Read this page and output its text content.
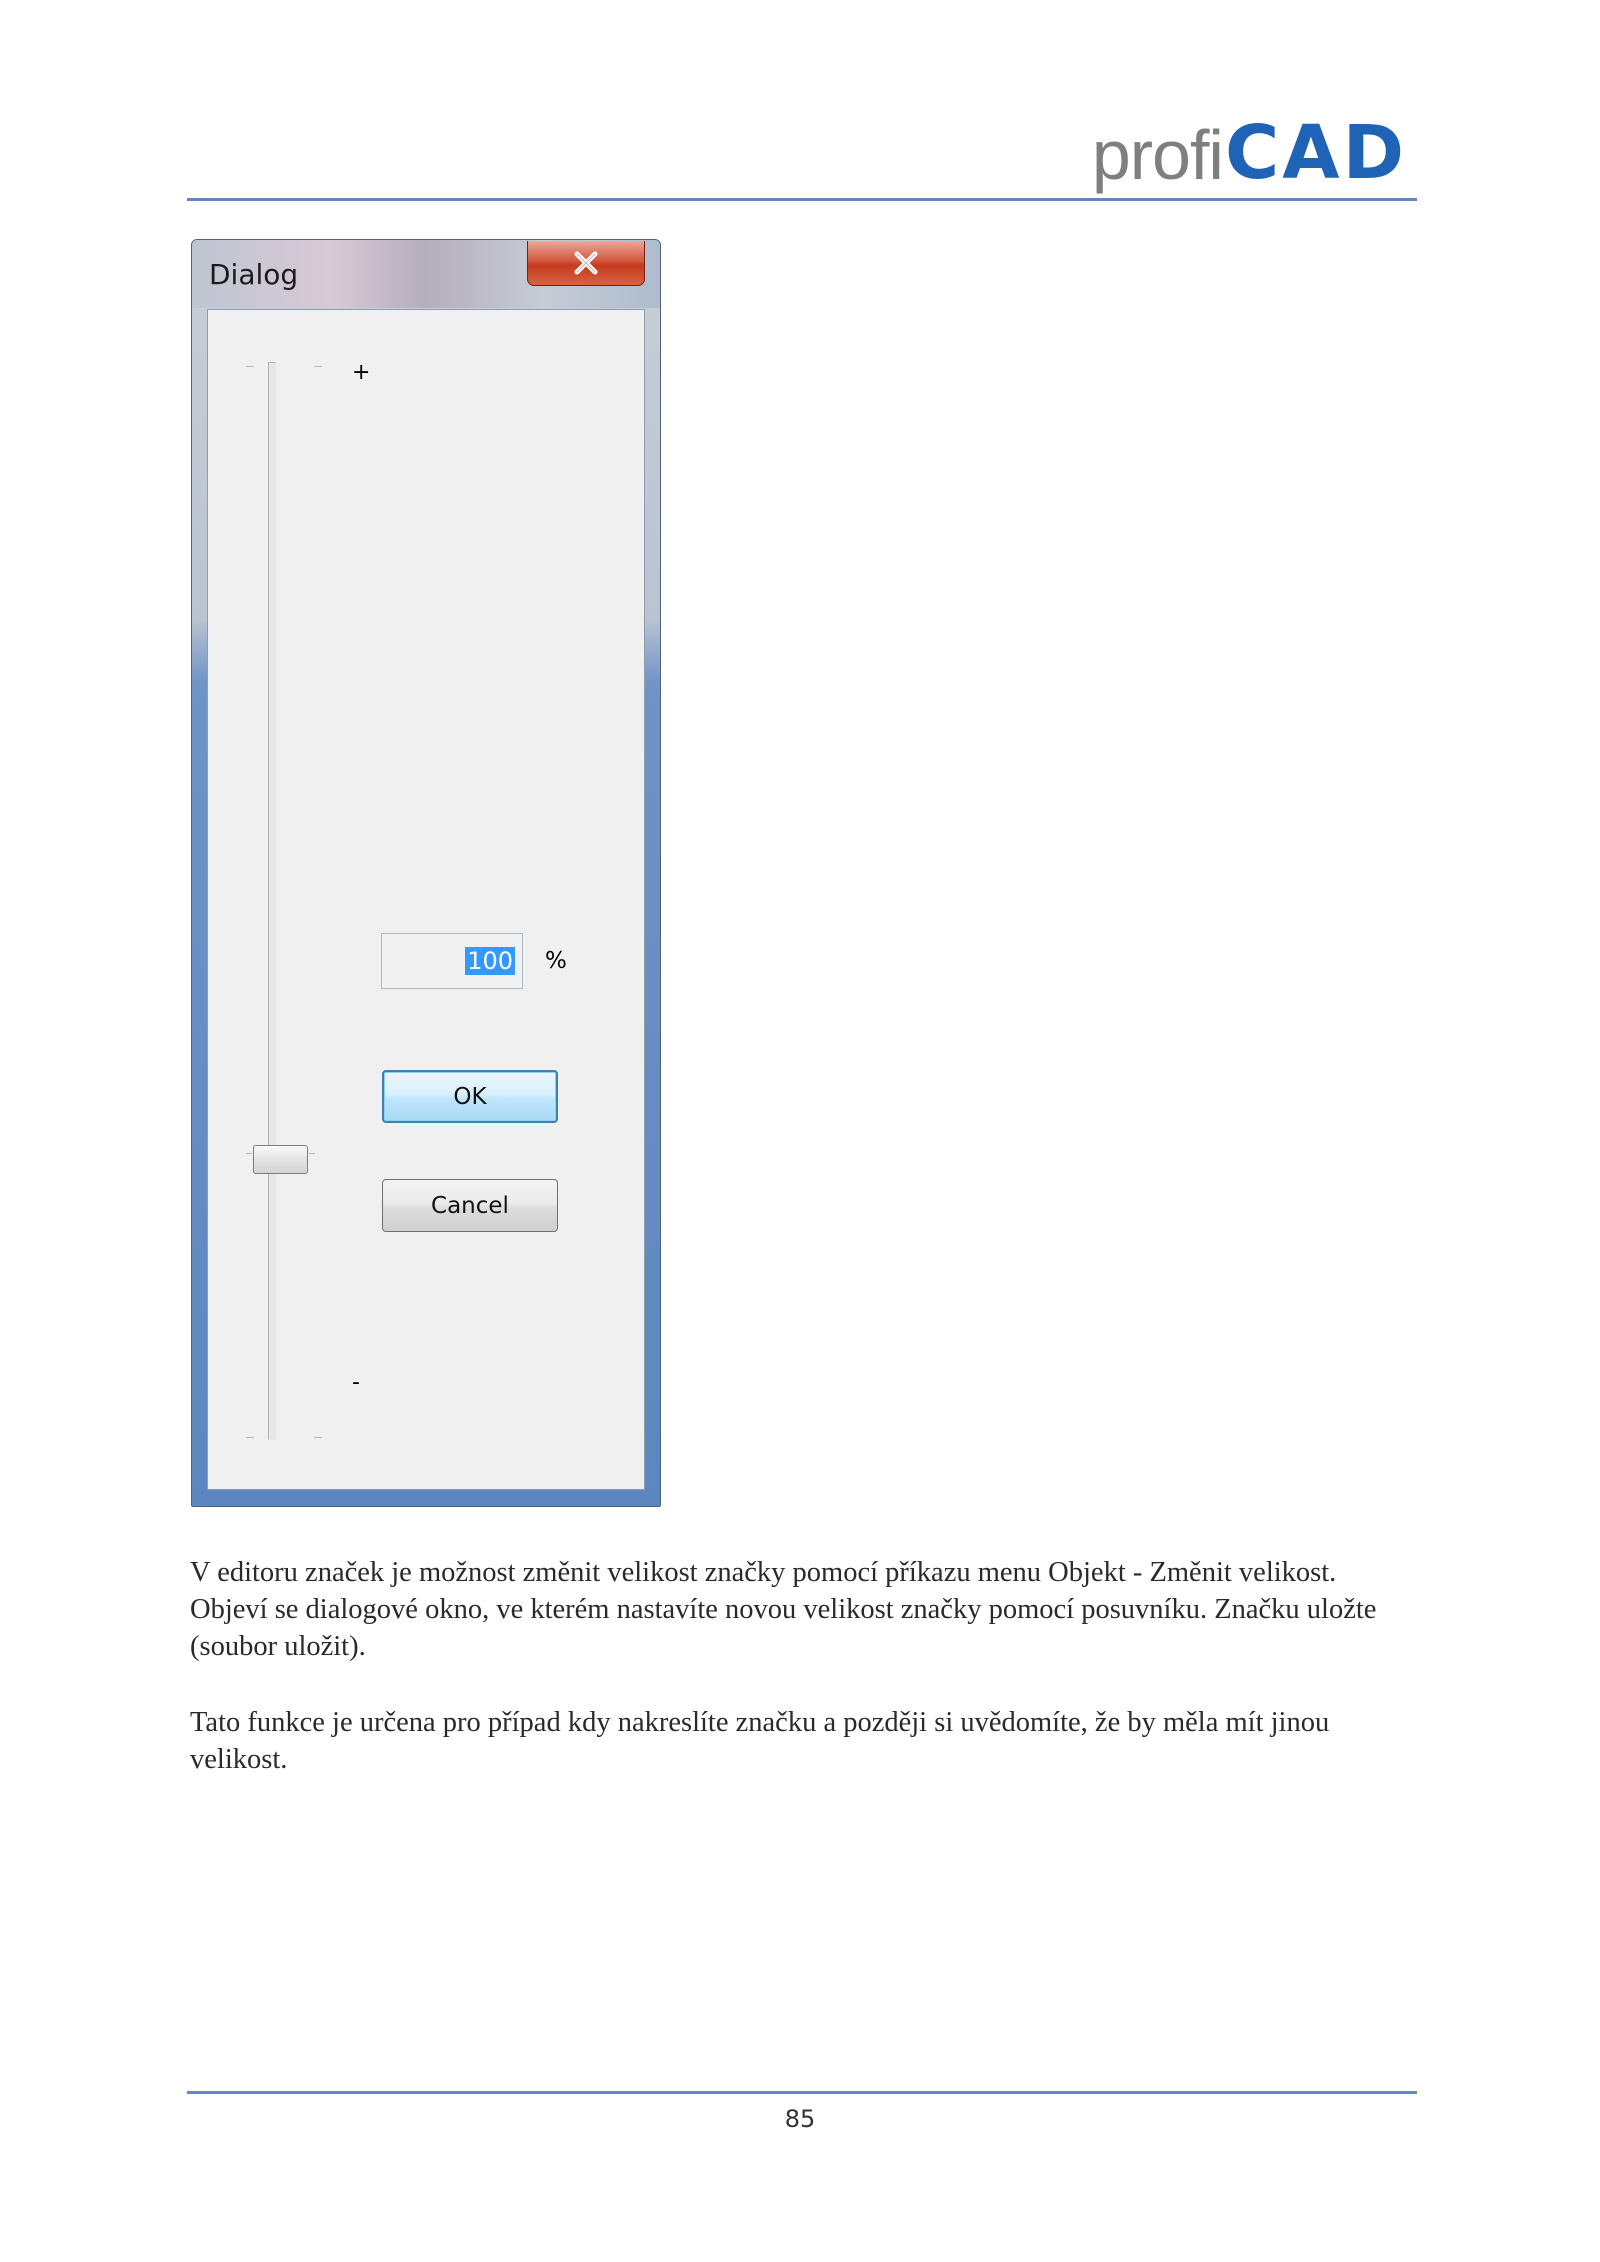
profi CAD
Dialog
+
-
100 %
OK
Cancel

V editoru značek je možnost změnit velikost značky pomocí příkazu menu Objekt - Změnit velikost. Objeví se dialogové okno, ve kterém nastavíte novou velikost značky pomocí posuvníku. Značku uložte (soubor uložit).

Tato funkce je určena pro případ kdy nakreslíte značku a později si uvědomíte, že by měla mít jinou velikost.

85
